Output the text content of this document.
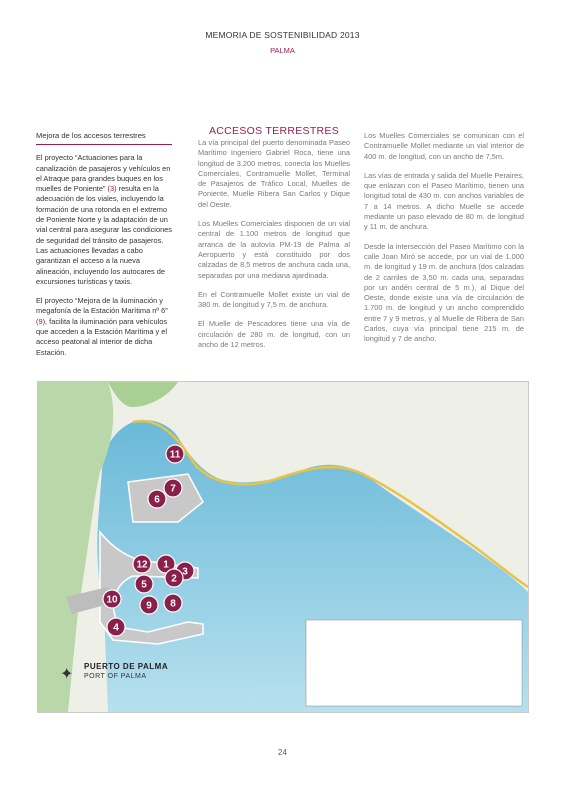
MEMORIA DE SOSTENIBILIDAD 2013
PALMA
Mejora de los accesos terrestres

El proyecto “Actuaciones para la canalización de pasajeros y vehículos en el Atraque para grandes buques en los muelles de Poniente” (3) resulta en la adecuación de los viales, incluyendo la formación de una rotonda en el extremo de Poniente Norte y la adaptación de un vial central para asegurar las condiciones de seguridad del tránsito de pasajeros. Las actuaciones llevadas a cabo garantizan el acceso a la nueva alineación, incluyendo los autocares de excursiones turísticas y taxis.

El proyecto “Mejora de la iluminación y megafonía de la Estación Marítima nº 6” (9), facilita la iluminación para vehículos que acceden a la Estación Marítima y el acceso peatonal al interior de dicha Estación.

ACCESOS TERRESTRES

La vía principal del puerto denominada Paseo Marítimo Ingeniero Gabriel Roca, tiene una longitud de 3.200 metros, conecta los Muelles Comerciales, Contramuelle Mollet, Terminal de Pasajeros de Tráfico Local, Muelles de Poniente, Muelle Ribera San Carlos y Dique del Oeste.

Los Muelles Comerciales disponen de un vial central de 1.100 metros de longitud que arranca de la autovía PM-19 de Palma al Aeropuerto y está constituido por dos calzadas de 8,5 metros de anchura cada una, separadas por una mediana ajardinada.

En el Contramuelle Mollet existe un vial de 380 m. de longitud y 7,5 m. de anchura.

El Muelle de Pescadores tiene una vía de circulación de 280 m. de longitud, con un ancho de 12 metros.

Los Muelles Comerciales se comunican con el Contramuelle Mollet mediante un vial interior de 400 m. de longitud, con un ancho de 7,5m.

Las vías de entrada y salida del Muelle Peraires, que enlazan con el Paseo Marítimo, tienen una longitud total de 430 m. con anchos variables de 7 a 14 metros. A dicho Muelle se accede mediante un paso elevado de 80 m. de longitud y 11 m. de anchura.

Desde la intersección del Paseo Marítimo con la calle Joan Miró se accede, por un vial de 1.000 m. de longitud y 19 m. de anchura (dos calzadas de 2 carriles de 3,50 m. cada una, separadas por un andén central de 5 m.), al Dique del Oeste, donde existe una vía de circulación de 1.700 m. de longitud y un ancho comprendido entre 7 y 9 metros, y al Muelle de Ribera de San Carlos, cuya vía principal tiene 215 m. de longitud y 7 de ancho.

11
7
6
1
12
3
5
2
10
9 8
4
✦ PUERTO DE PALMA
PORT OF PALMA
24
